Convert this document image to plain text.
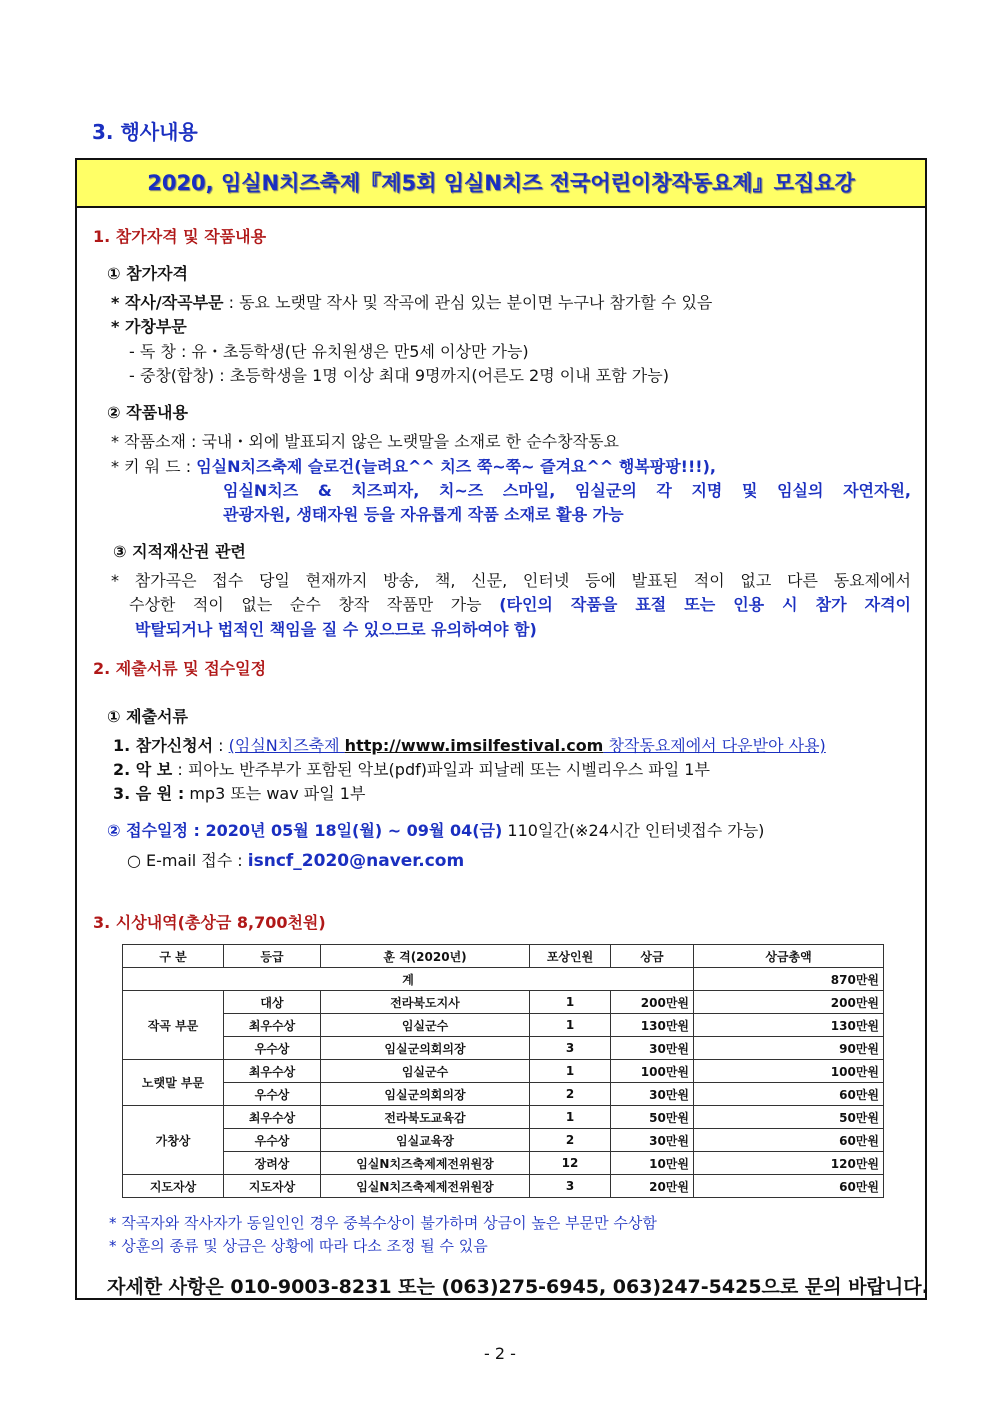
3. 행사내용
2020, 임실N치즈축제『제5회 임실N치즈 전국어린이창작동요제』모집요강
1. 참가자격 및 작품내용
① 참가자격
* 작사/작곡부문 : 동요 노랫말 작사 및 작곡에 관심 있는 분이면 누구나 참가할 수 있음
* 가창부문
- 독 창 : 유・초등학생(단 유치원생은 만5세 이상만 가능)
- 중창(합창) : 초등학생을 1명 이상 최대 9명까지(어른도 2명 이내 포함 가능)
② 작품내용
* 작품소재 : 국내・외에 발표되지 않은 노랫말을 소재로 한 순수창작동요
* 키 워 드 : 임실N치즈축제 슬로건(늘려요^^ 치즈 쭉~쭉~ 즐겨요^^ 행복팡팡!!!),
임실N치즈 & 치즈피자, 치~즈 스마일, 임실군의 각 지명 및 임실의 자연자원,
관광자원, 생태자원 등을 자유롭게 작품 소재로 활용 가능
③ 지적재산권 관련
* 참가곡은 접수 당일 현재까지 방송, 책, 신문, 인터넷 등에 발표된 적이 없고 다른 동요제에서
수상한 적이 없는 순수 창작 작품만 가능 (타인의 작품을 표절 또는 인용 시 참가 자격이
박탈되거나 법적인 책임을 질 수 있으므로 유의하여야 함)
2. 제출서류 및 접수일정
① 제출서류
1. 참가신청서 : (임실N치즈축제 http://www.imsilfestival.com 창작동요제에서 다운받아 사용)
2. 악 보 : 피아노 반주부가 포함된 악보(pdf)파일과 피날레 또는 시벨리우스 파일 1부
3. 음 원 : mp3 또는 wav 파일 1부
② 접수일정 : 2020년 05월 18일(월) ~ 09월 04(금) 110일간(※24시간 인터넷접수 가능)
○ E-mail 접수 : isncf_2020@naver.com
3. 시상내역(총상금 8,700천원)
구 분	등급	훈 격(2020년)	포상인원	상금	상금총액
계					870만원
작곡 부문	대상	전라북도지사	1	200만원	200만원
	최우수상	임실군수	1	130만원	130만원
	우수상	임실군의회의장	3	30만원	90만원
노랫말 부문	최우수상	임실군수	1	100만원	100만원
	우수상	임실군의회의장	2	30만원	60만원
가창상	최우수상	전라북도교육감	1	50만원	50만원
	우수상	임실교육장	2	30만원	60만원
	장려상	임실N치즈축제제전위원장	12	10만원	120만원
지도자상	지도자상	임실N치즈축제제전위원장	3	20만원	60만원
* 작곡자와 작사자가 동일인인 경우 중복수상이 불가하며 상금이 높은 부문만 수상함
* 상훈의 종류 및 상금은 상황에 따라 다소 조정 될 수 있음
자세한 사항은 010-9003-8231 또는 (063)275-6945, 063)247-5425으로 문의 바랍니다.
- 2 -
